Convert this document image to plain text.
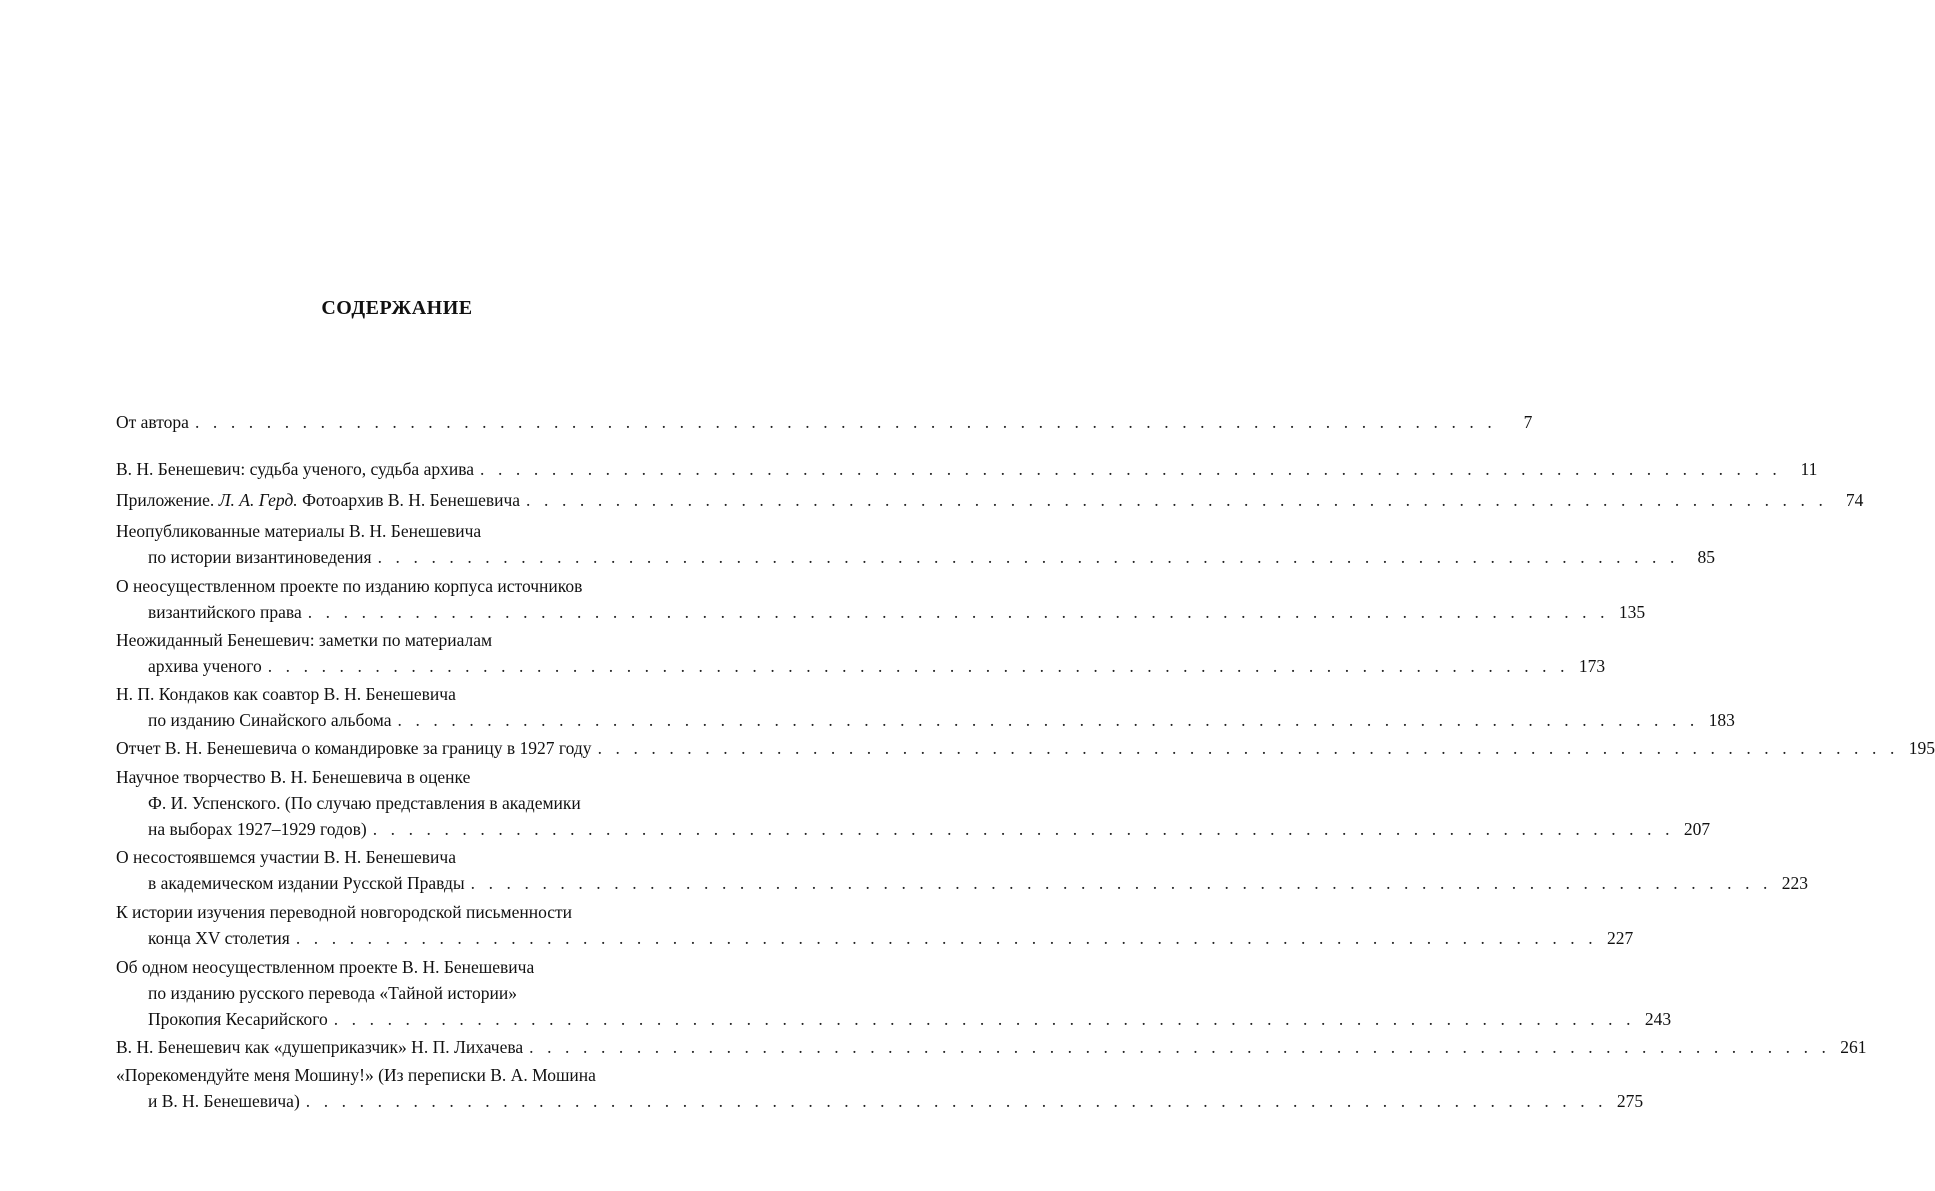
СОДЕРЖАНИЕ
От автора . . . . . . . . . . . . . . . . . . . . . . . . . . . . . . . . . . . . . . . . . . . . . . . . . . . . . . . . . . . . . . . . . . . . . . . . .	7
В. Н. Бенешевич: судьба ученого, судьба архива . . . . . . . . . . . . . . . . . . . . . . . . . . . . . . . . . . . . . . . . . . . . . . . . . . . . . . . . . . . . . . . . . . . . . . . . .	11
Приложение. Л. А. Герд. Фотоархив В. Н. Бенешевича . . . . . . . . . . . . . . . . . . . . . . . . . . . . . . . . . . . . . . . . . . . . . . . . . . . . . . . . . . . . . . . . . . . . . . . . .	74
Неопубликованные материалы В. Н. Бенешевича
по истории византиноведения . . . . . . . . . . . . . . . . . . . . . . . . . . . . . . . . . . . . . . . . . . . . . . . . . . . . . . . . . . . . . . . . . . . . . . . . .	85
О неосуществленном проекте по изданию корпуса источников
византийского права . . . . . . . . . . . . . . . . . . . . . . . . . . . . . . . . . . . . . . . . . . . . . . . . . . . . . . . . . . . . . . . . . . . . . . . . . 135
Неожиданный Бенешевич: заметки по материалам
архива ученого . . . . . . . . . . . . . . . . . . . . . . . . . . . . . . . . . . . . . . . . . . . . . . . . . . . . . . . . . . . . . . . . . . . . . . . . . 173
Н. П. Кондаков как соавтор В. Н. Бенешевича
по изданию Синайского альбома . . . . . . . . . . . . . . . . . . . . . . . . . . . . . . . . . . . . . . . . . . . . . . . . . . . . . . . . . . . . . . . . . . . . . . . . . 183
Отчет В. Н. Бенешевича о командировке за границу в 1927 году . . . . . . . . . . . . . . . . . . . . . . . . . . . . . . . . . . . . . . . . . . . . . . . . . . . . . . . . . . . . . . . . . . . . . . . . . 195
Научное творчество В. Н. Бенешевича в оценке
Ф. И. Успенского. (По случаю представления в академики
на выборах 1927–1929 годов) . . . . . . . . . . . . . . . . . . . . . . . . . . . . . . . . . . . . . . . . . . . . . . . . . . . . . . . . . . . . . . . . . . . . . . . . . 207
О несостоявшемся участии В. Н. Бенешевича
в академическом издании Русской Правды . . . . . . . . . . . . . . . . . . . . . . . . . . . . . . . . . . . . . . . . . . . . . . . . . . . . . . . . . . . . . . . . . . . . . . . . . 223
К истории изучения переводной новгородской письменности
конца XV столетия . . . . . . . . . . . . . . . . . . . . . . . . . . . . . . . . . . . . . . . . . . . . . . . . . . . . . . . . . . . . . . . . . . . . . . . . . 227
Об одном неосуществленном проекте В. Н. Бенешевича
по изданию русского перевода «Тайной истории»
Прокопия Кесарийского . . . . . . . . . . . . . . . . . . . . . . . . . . . . . . . . . . . . . . . . . . . . . . . . . . . . . . . . . . . . . . . . . . . . . . . . . 243
В. Н. Бенешевич как «душеприказчик» Н. П. Лихачева . . . . . . . . . . . . . . . . . . . . . . . . . . . . . . . . . . . . . . . . . . . . . . . . . . . . . . . . . . . . . . . . . . . . . . . . . 261
«Порекомендуйте меня Мошину!» (Из переписки В. А. Мошина
и В. Н. Бенешевича) . . . . . . . . . . . . . . . . . . . . . . . . . . . . . . . . . . . . . . . . . . . . . . . . . . . . . . . . . . . . . . . . . . . . . . . . . 275
